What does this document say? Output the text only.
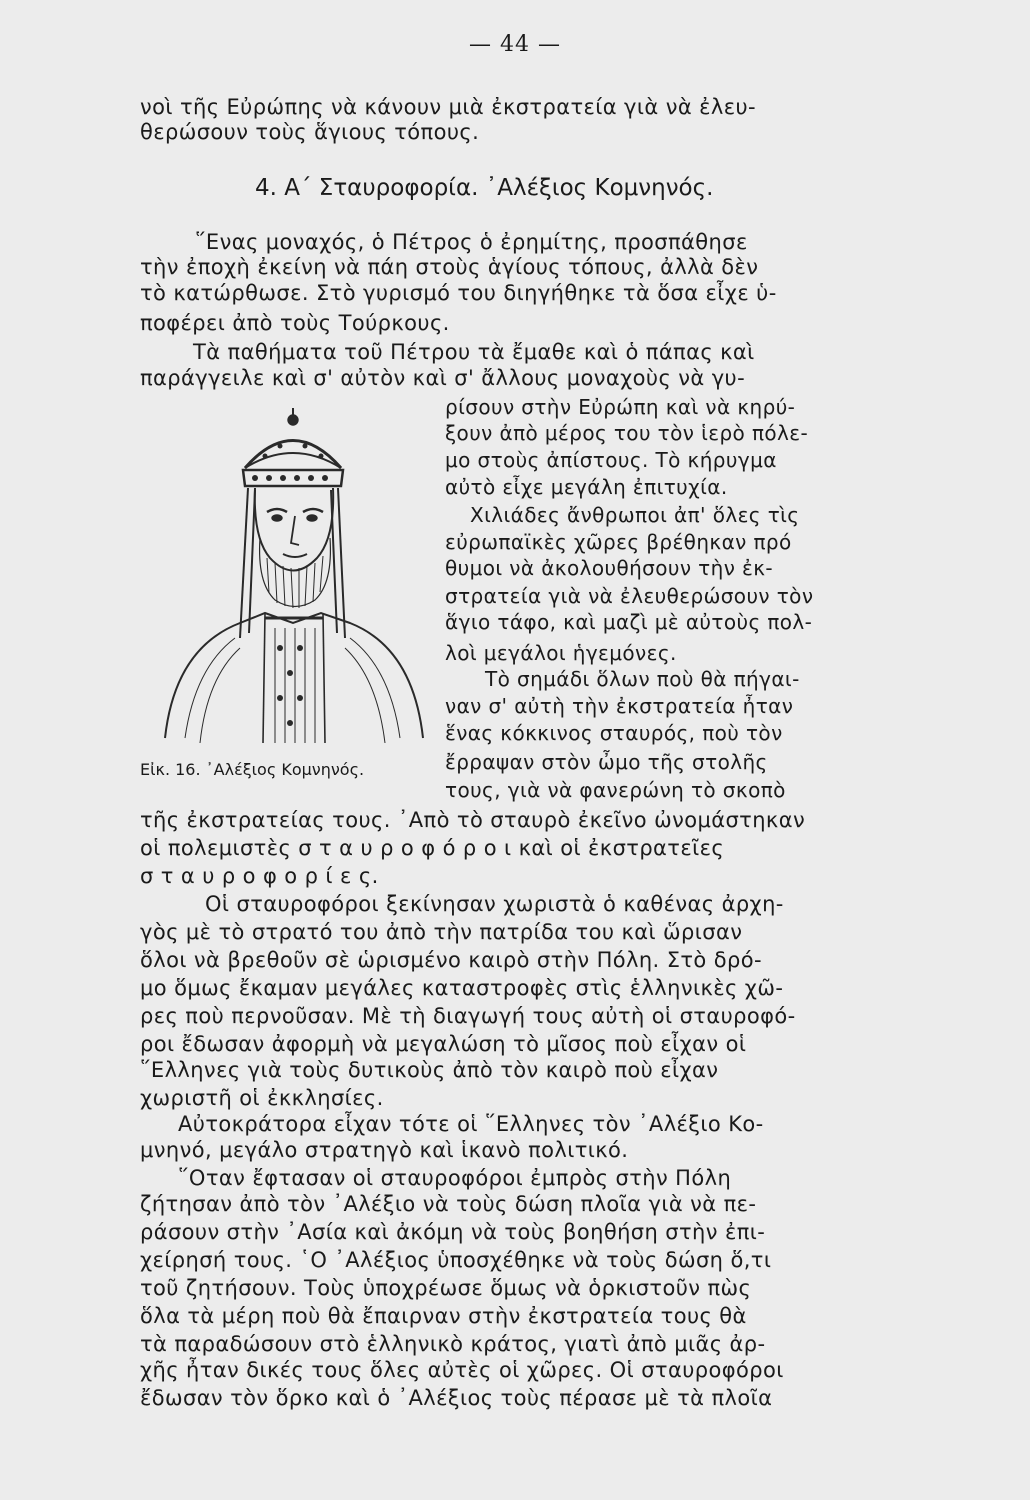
— 44 —
νοὶ τῆς Εὐρώπης νὰ κάνουν μιὰ ἐκστρατεία γιὰ νὰ ἐλευ-
θερώσουν τοὺς ἅγιους τόπους.
4. Α΄ Σταυροφορία. ᾿Αλέξιος Κομνηνός.
῞Ενας μοναχός, ὁ Πέτρος ὁ ἐρημίτης, προσπάθησε
τὴν ἐποχὴ ἐκείνη νὰ πάη στοὺς ἁγίους τόπους, ἀλλὰ δὲν
τὸ κατώρθωσε. Στὸ γυρισμό του διηγήθηκε τὰ ὅσα εἶχε ὑ-
ποφέρει ἀπὸ τοὺς Τούρκους.
Τὰ παθήματα τοῦ Πέτρου τὰ ἔμαθε καὶ ὁ πάπας καὶ
παράγγειλε καὶ σ' αὐτὸν καὶ σ' ἄλλους μοναχοὺς νὰ γυ-
ρίσουν στὴν Εὐρώπη καὶ νὰ κηρύ-
ξουν ἀπὸ μέρος του τὸν ἱερὸ πόλε-
μο στοὺς ἀπίστους. Τὸ κήρυγμα
αὐτὸ εἶχε μεγάλη ἐπιτυχία.
Χιλιάδες ἄνθρωποι ἀπ' ὅλες τὶς
εὐρωπαϊκὲς χῶρες βρέθηκαν πρό
θυμοι νὰ ἀκολουθήσουν τὴν ἐκ-
στρατεία γιὰ νὰ ἐλευθερώσουν τὸν
ἅγιο τάφο, καὶ μαζὶ μὲ αὐτοὺς πολ-
λοὶ μεγάλοι ἡγεμόνες.
Τὸ σημάδι ὅλων ποὺ θὰ πήγαι-
ναν σ' αὐτὴ τὴν ἐκστρατεία ἦταν
ἕνας κόκκινος σταυρός, ποὺ τὸν
ἔρραψαν στὸν ὦμο τῆς στολῆς
τους, γιὰ νὰ φανερώνη τὸ σκοπὸ
Εἰκ. 16. ᾿Αλέξιος Κομνηνός.
τῆς ἐκστρατείας τους. ᾿Απὸ τὸ σταυρὸ ἐκεῖνο ὠνομάστηκαν
οἱ πολεμιστὲς σ τ α υ ρ ο φ ό ρ ο ι καὶ οἱ ἐκστρατεῖες
σ τ α υ ρ ο φ ο ρ ί ε ς.
Οἱ σταυροφόροι ξεκίνησαν χωριστὰ ὁ καθένας ἀρχη-
γὸς μὲ τὸ στρατό του ἀπὸ τὴν πατρίδα του καὶ ὥρισαν
ὅλοι νὰ βρεθοῦν σὲ ὡρισμένο καιρὸ στὴν Πόλη. Στὸ δρό-
μο ὅμως ἔκαμαν μεγάλες καταστροφὲς στὶς ἑλληνικὲς χῶ-
ρες ποὺ περνοῦσαν. Μὲ τὴ διαγωγή τους αὐτὴ οἱ σταυροφό-
ροι ἔδωσαν ἀφορμὴ νὰ μεγαλώση τὸ μῖσος ποὺ εἶχαν οἱ
῞Ελληνες γιὰ τοὺς δυτικοὺς ἀπὸ τὸν καιρὸ ποὺ εἶχαν
χωριστῆ οἱ ἐκκλησίες.
Αὐτοκράτορα εἶχαν τότε οἱ ῞Ελληνες τὸν ᾿Αλέξιο Κο-
μνηνό, μεγάλο στρατηγὸ καὶ ἱκανὸ πολιτικό.
῞Οταν ἔφτασαν οἱ σταυροφόροι ἐμπρὸς στὴν Πόλη
ζήτησαν ἀπὸ τὸν ᾿Αλέξιο νὰ τοὺς δώση πλοῖα γιὰ νὰ πε-
ράσουν στὴν ᾿Ασία καὶ ἀκόμη νὰ τοὺς βοηθήση στὴν ἐπι-
χείρησή τους. ῾Ο ᾿Αλέξιος ὑποσχέθηκε νὰ τοὺς δώση ὅ,τι
τοῦ ζητήσουν. Τοὺς ὑποχρέωσε ὅμως νὰ ὁρκιστοῦν πὼς
ὅλα τὰ μέρη ποὺ θὰ ἔπαιρναν στὴν ἐκστρατεία τους θὰ
τὰ παραδώσουν στὸ ἑλληνικὸ κράτος, γιατὶ ἀπὸ μιᾶς ἀρ-
χῆς ἦταν δικές τους ὅλες αὐτὲς οἱ χῶρες. Οἱ σταυροφόροι
ἔδωσαν τὸν ὅρκο καὶ ὁ ᾿Αλέξιος τοὺς πέρασε μὲ τὰ πλοῖα
